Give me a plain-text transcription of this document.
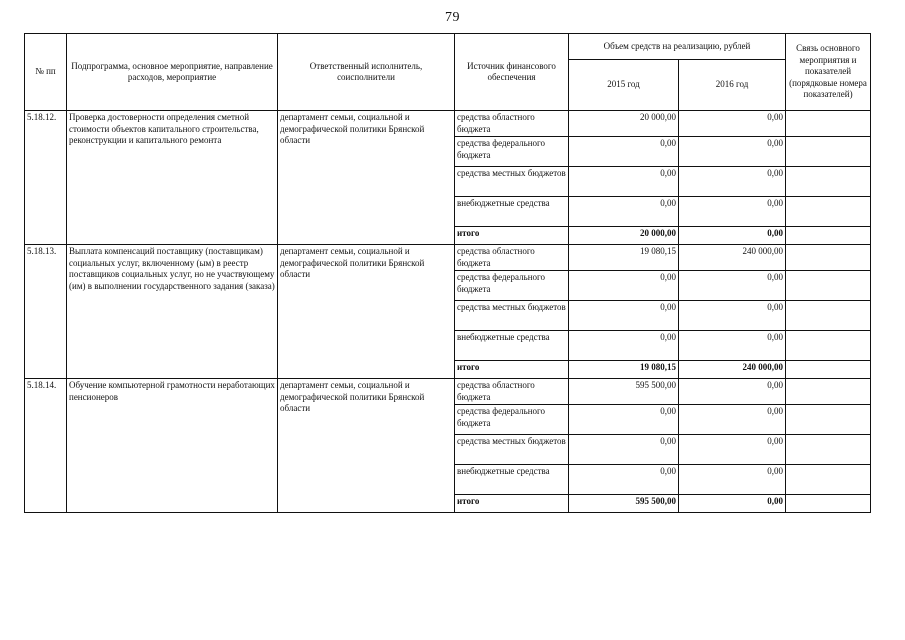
79
№ пп	Подпрограмма, основное мероприятие, направление расходов, мероприятие	Ответственный исполнитель, соисполнители	Источник финансового обеспечения	Объем средств на реализацию, рублей		Связь основного мероприятия и показателей (порядковые номера показателей)
				2015 год	2016 год	
5.18.12.	Проверка достоверности определения сметной стоимости объектов капитального строительства, реконструкции и капитального ремонта	департамент семьи, социальной и демографической политики Брянской области	средства областного бюджета	20 000,00	0,00	
			средства федерального бюджета	0,00	0,00	
			средства местных бюджетов	0,00	0,00	
			внебюджетные средства	0,00	0,00	
			итого	20 000,00	0,00	
5.18.13.	Выплата компенсаций поставщику (поставщикам) социальных услуг, включенному (ым) в реестр поставщиков социальных услуг, но не участвующему (им) в выполнении государственного задания (заказа)	департамент семьи, социальной и демографической политики Брянской области	средства областного бюджета	19 080,15	240 000,00	
			средства федерального бюджета	0,00	0,00	
			средства местных бюджетов	0,00	0,00	
			внебюджетные средства	0,00	0,00	
			итого	19 080,15	240 000,00	
5.18.14.	Обучение компьютерной грамотности неработающих пенсионеров	департамент семьи, социальной и демографической политики Брянской области	средства областного бюджета	595 500,00	0,00	
			средства федерального бюджета	0,00	0,00	
			средства местных бюджетов	0,00	0,00	
			внебюджетные средства	0,00	0,00	
			итого	595 500,00	0,00	
